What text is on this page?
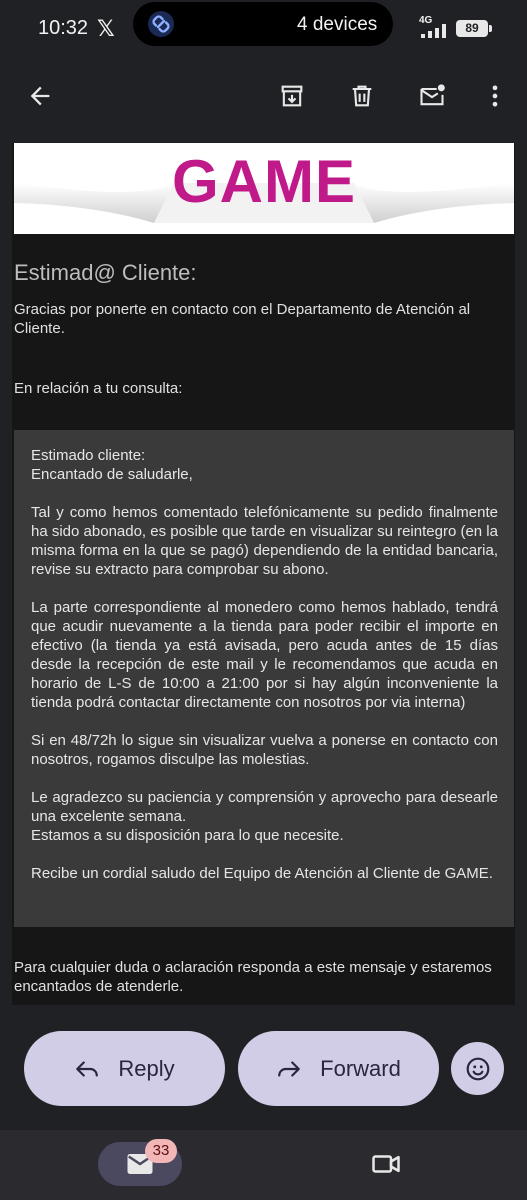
10:32 𝕏	4 devices	4G
89
GAME
Estimad@ Cliente:
Gracias por ponerte en contacto con el Departamento de Atención al Cliente.
En relación a tu consulta:

Estimado cliente:
Encantado de saludarle,

Tal y como hemos comentado telefónicamente su pedido finalmente ha sido abonado, es posible que tarde en visualizar su reintegro (en la misma forma en la que se pagó) dependiendo de la entidad bancaria, revise su extracto para comprobar su abono.

La parte correspondiente al monedero como hemos hablado, tendrá que acudir nuevamente a la tienda para poder recibir el importe en efectivo (la tienda ya está avisada, pero acuda antes de 15 días desde la recepción de este mail y le recomendamos que acuda en horario de L-S de 10:00 a 21:00 por si hay algún inconveniente la tienda podrá contactar directamente con nosotros por via interna)

Si en 48/72h lo sigue sin visualizar vuelva a ponerse en contacto con nosotros, rogamos disculpe las molestias.

Le agradezco su paciencia y comprensión y aprovecho para desearle una excelente semana.
Estamos a su disposición para lo que necesite.

Recibe un cordial saludo del Equipo de Atención al Cliente de GAME.

Para cualquier duda o aclaración responda a este mensaje y estaremos encantados de atenderle.
Reply	Forward
33
